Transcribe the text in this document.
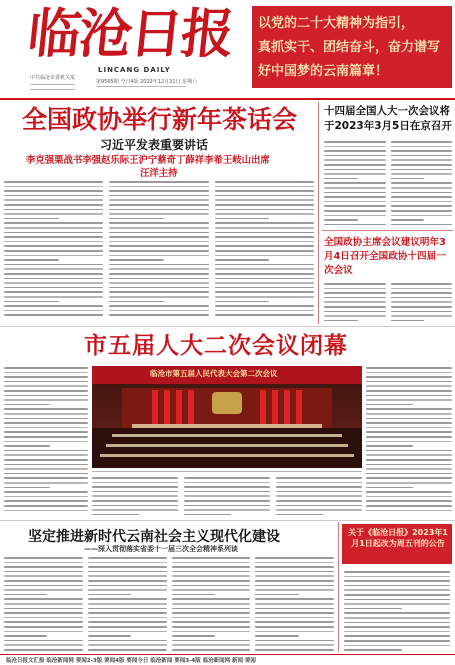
临沧日报
LINCANG DAILY
中共临沧市委机关报
第9565期 今日4版 2022年12月31日 星期六
以党的二十大精神为指引，
真抓实干、团结奋斗，奋力谱写
好中国梦的云南篇章！
全国政协举行新年茶话会
习近平发表重要讲话
李克强栗战书李强赵乐际王沪宁蔡奇丁薛祥李希王岐山出席
汪洋主持
十四届全国人大一次会议将于2023年3月5日在京召开
全国政协主席会议建议明年3月4日召开全国政协十四届一次会议
市五届人大二次会议闭幕
临沧市第五届人民代表大会第二次会议
坚定推进新时代云南社会主义现代化建设
——深入贯彻落实省委十一届三次全会精神系列谈
关于《临沧日报》2023年1月1日起改为周五刊的公告
临沧日报文汇报 临沧新闻网 要闻2-3版 要闻4版 要闻今日 临沧新闻 要闻3-4版 临沧新闻网 新闻 要闻
